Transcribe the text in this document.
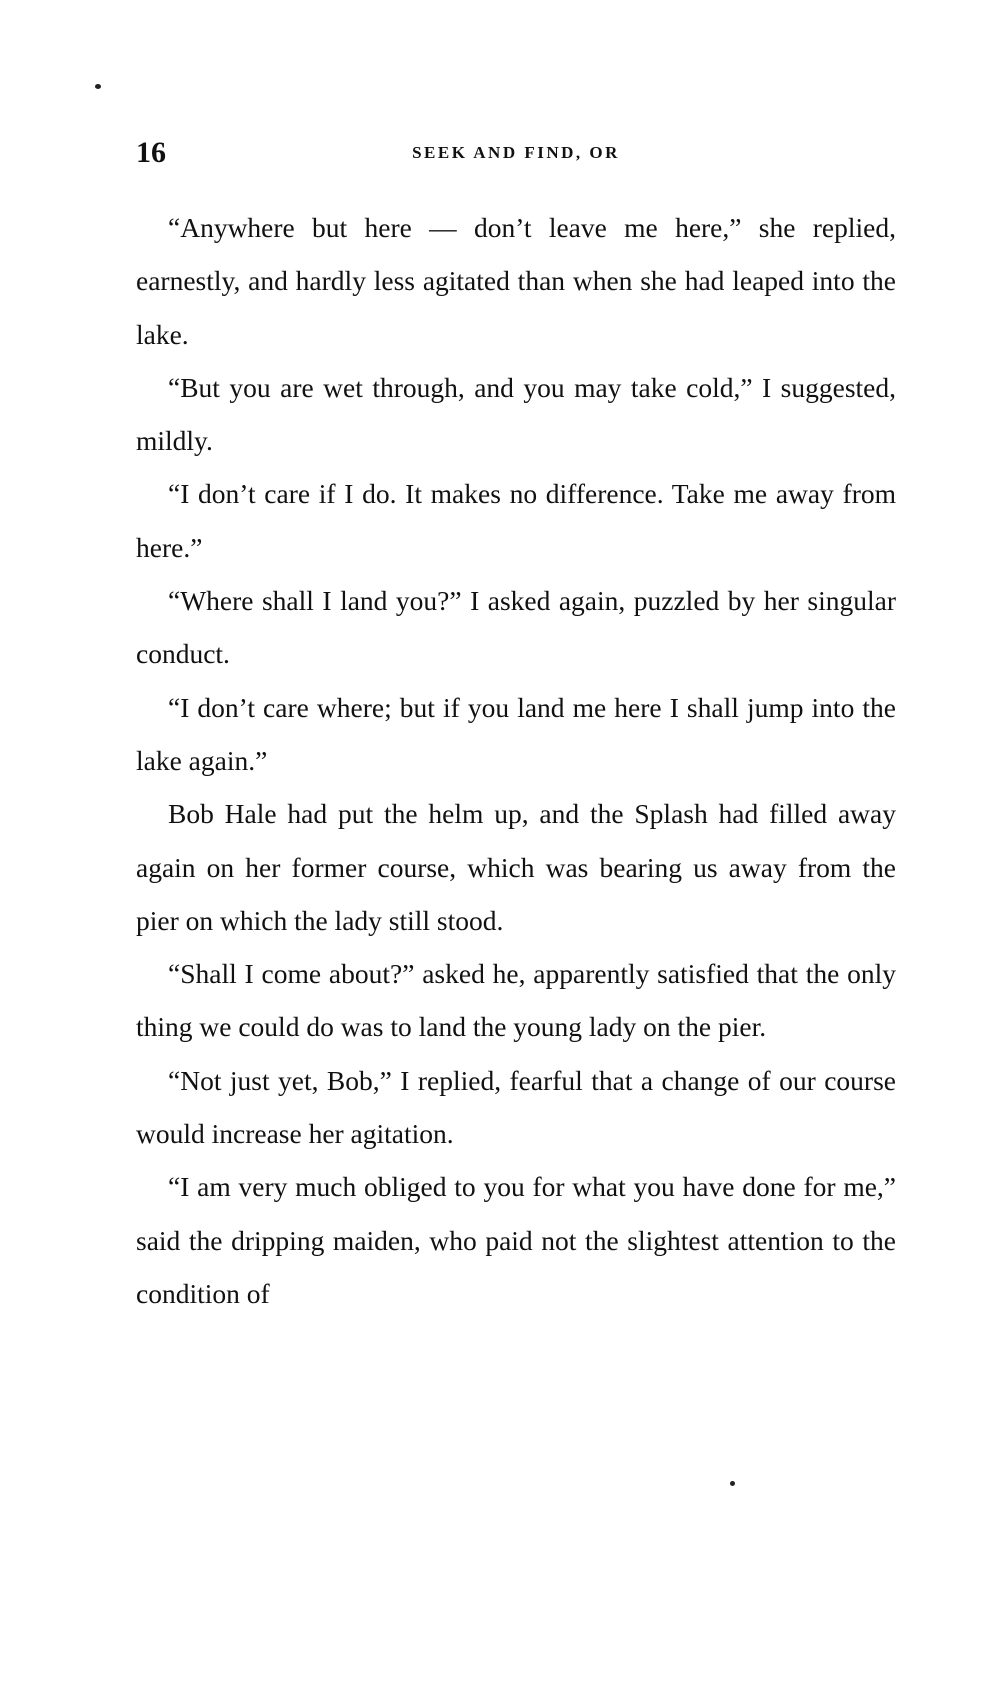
16	SEEK AND FIND, OR

“Anywhere but here — don’t leave me here,” she replied, earnestly, and hardly less agitated than when she had leaped into the lake.

“But you are wet through, and you may take cold,” I suggested, mildly.

“I don’t care if I do. It makes no difference. Take me away from here.”

“Where shall I land you?” I asked again, puzzled by her singular conduct.

“I don’t care where; but if you land me here I shall jump into the lake again.”

Bob Hale had put the helm up, and the Splash had filled away again on her former course, which was bearing us away from the pier on which the lady still stood.

“Shall I come about?” asked he, apparently satisfied that the only thing we could do was to land the young lady on the pier.

“Not just yet, Bob,” I replied, fearful that a change of our course would increase her agitation.

“I am very much obliged to you for what you have done for me,” said the dripping maiden, who paid not the slightest attention to the condition of
